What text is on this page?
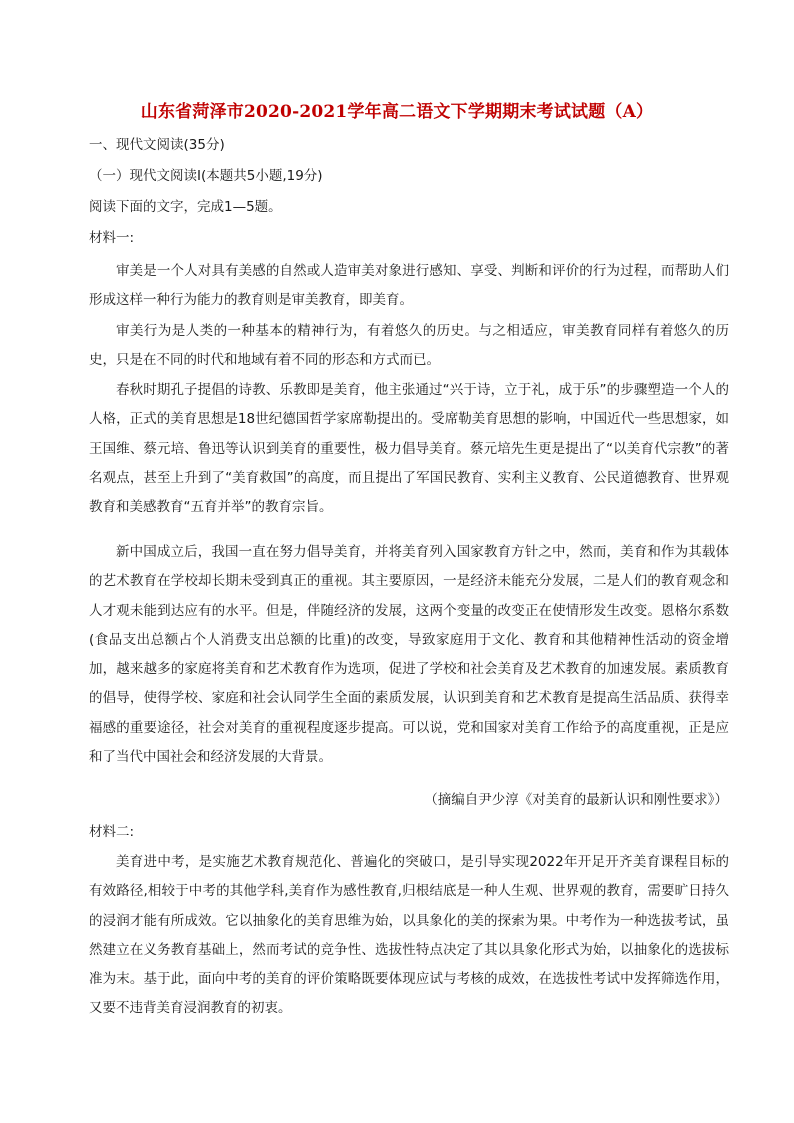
山东省菏泽市2020-2021学年高二语文下学期期末考试试题（A）
一、现代文阅读(35分)
（一）现代文阅读Ⅰ(本题共5小题,19分)
阅读下面的文字，完成1—5题。
材料一:

审美是一个人对具有美感的自然或人造审美对象进行感知、享受、判断和评价的行为过程，而帮助人们形成这样一种行为能力的教育则是审美教育，即美育。

审美行为是人类的一种基本的精神行为，有着悠久的历史。与之相适应，审美教育同样有着悠久的历史，只是在不同的时代和地域有着不同的形态和方式而已。

春秋时期孔子提倡的诗教、乐教即是美育，他主张通过“兴于诗，立于礼，成于乐”的步骤塑造一个人的人格，正式的美育思想是18世纪德国哲学家席勒提出的。受席勒美育思想的影响，中国近代一些思想家，如王国维、蔡元培、鲁迅等认识到美育的重要性，极力倡导美育。蔡元培先生更是提出了“以美育代宗教”的著名观点，甚至上升到了“美育救国”的高度，而且提出了军国民教育、实利主义教育、公民道德教育、世界观教育和美感教育“五育并举”的教育宗旨。

新中国成立后，我国一直在努力倡导美育，并将美育列入国家教育方针之中，然而，美育和作为其载体的艺术教育在学校却长期未受到真正的重视。其主要原因，一是经济未能充分发展，二是人们的教育观念和人才观未能到达应有的水平。但是，伴随经济的发展，这两个变量的改变正在使情形发生改变。恩格尔系数(食品支出总额占个人消费支出总额的比重)的改变，导致家庭用于文化、教育和其他精神性活动的资金增加，越来越多的家庭将美育和艺术教育作为选项，促进了学校和社会美育及艺术教育的加速发展。素质教育的倡导，使得学校、家庭和社会认同学生全面的素质发展，认识到美育和艺术教育是提高生活品质、获得幸福感的重要途径，社会对美育的重视程度逐步提高。可以说，党和国家对美育工作给予的高度重视，正是应和了当代中国社会和经济发展的大背景。

（摘编自尹少淳《对美育的最新认识和刚性要求》）
材料二:

美育进中考，是实施艺术教育规范化、普遍化的突破口，是引导实现2022年开足开齐美育课程目标的有效路径,相较于中考的其他学科,美育作为感性教育,归根结底是一种人生观、世界观的教育，需要旷日持久的浸润才能有所成效。它以抽象化的美育思维为始，以具象化的美的探索为果。中考作为一种选拔考试，虽然建立在义务教育基础上，然而考试的竞争性、选拔性特点决定了其以具象化形式为始，以抽象化的选拔标准为末。基于此，面向中考的美育的评价策略既要体现应试与考核的成效，在选拔性考试中发挥筛选作用，又要不违背美育浸润教育的初衷。
